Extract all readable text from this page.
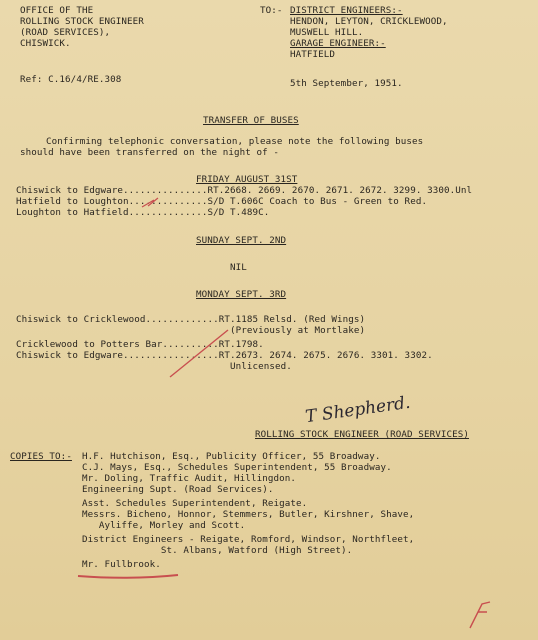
OFFICE OF THE
ROLLING STOCK ENGINEER
(ROAD SERVICES),
CHISWICK.
TO:- DISTRICT ENGINEERS:-
HENDON, LEYTON, CRICKLEWOOD,
MUSWELL HILL.
GARAGE ENGINEER:-
HATFIELD
Ref: C.16/4/RE.308	5th September, 1951.
TRANSFER OF BUSES
Confirming telephonic conversation, please note the following buses
should have been transferred on the night of -
FRIDAY AUGUST 31ST
Chiswick to Edgware...............RT.2668. 2669. 2670. 2671. 2672. 3299. 3300.Unl
Hatfield to Loughton..............S/D T.606C Coach to Bus - Green to Red.
Loughton to Hatfield..............S/D T.489C.
SUNDAY SEPT. 2ND
NIL
MONDAY SEPT. 3RD
Chiswick to Cricklewood.............RT.1185 Relsd. (Red Wings)
(Previously at Mortlake)
Cricklewood to Potters Bar..........RT.1798.
Chiswick to Edgware.................RT.2673. 2674. 2675. 2676. 3301. 3302.
Unlicensed.
T Shepherd.
ROLLING STOCK ENGINEER (ROAD SERVICES)
COPIES TO:- H.F. Hutchison, Esq., Publicity Officer, 55 Broadway.
C.J. Mays, Esq., Schedules Superintendent, 55 Broadway.
Mr. Doling, Traffic Audit, Hillingdon.
Engineering Supt. (Road Services).
Asst. Schedules Superintendent, Reigate.
Messrs. Bicheno, Honnor, Stemmers, Butler, Kirshner, Shave,
Ayliffe, Morley and Scott.
District Engineers - Reigate, Romford, Windsor, Northfleet,
St. Albans, Watford (High Street).
Mr. Fullbrook.
